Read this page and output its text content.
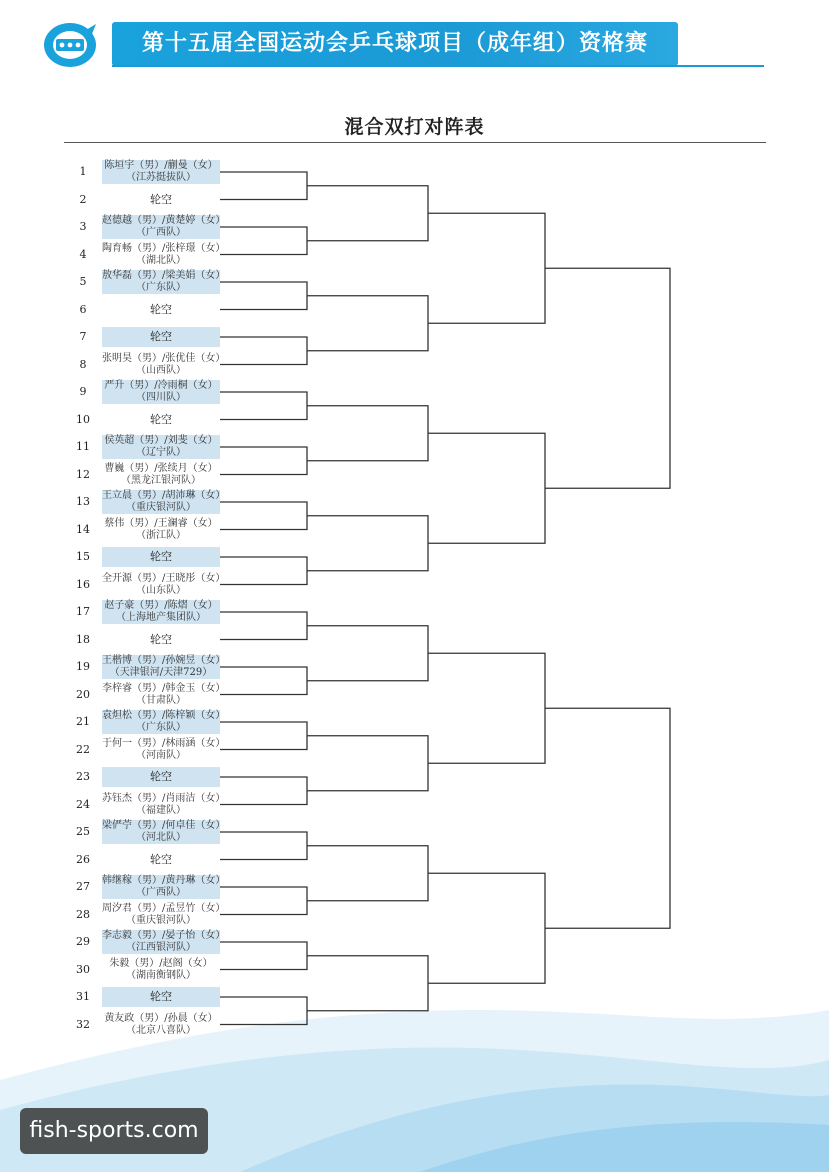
第十五届全国运动会乒乓球项目（成年组）资格赛
混合双打对阵表
1	陈垣宇（男）/蒯曼（女）
（江苏挺拔队）
2	轮空
3	赵德越（男）/黄楚婷（女）
（广西队）
4	陶育畅（男）/张梓璟（女）
（湖北队）
5	敖华磊（男）/梁美娟（女）
（广东队）
6	轮空
7	轮空
8	张明昊（男）/张优佳（女）
（山西队）
9	严升（男）/冷雨桐（女）
（四川队）
10	轮空
11	侯英超（男）/刘斐（女）
（辽宁队）
12	曹巍（男）/张续月（女）
（黑龙江银河队）
13	王立晨（男）/胡沛琳（女）
（重庆银河队）
14	蔡伟（男）/王澜睿（女）
（浙江队）
15	轮空
16	全开源（男）/王晓彤（女）
（山东队）
17	赵子豪（男）/陈熠（女）
（上海地产集团队）
18	轮空
19	王楷博（男）/孙婉昱（女）
（天津银河/天津729）
20	李梓睿（男）/韩金玉（女）
（甘肃队）
21	袁炟松（男）/陈梓颖（女）
（广东队）
22	于何一（男）/林雨涵（女）
（河南队）
23	轮空
24	苏钰杰（男）/肖雨洁（女）
（福建队）
25	梁俨苧（男）/何卓佳（女）
（河北队）
26	轮空
27	韩继稼（男）/黄丹琳（女）
（广西队）
28	周汐君（男）/孟昱竹（女）
（重庆银河队）
29	李志毅（男）/晏子怡（女）
（江西银河队）
30	朱毅（男）/赵阁（女）
（湖南衡钢队）
31	轮空
32	黄友政（男）/孙晨（女）
（北京八喜队）
fish-sports.com
